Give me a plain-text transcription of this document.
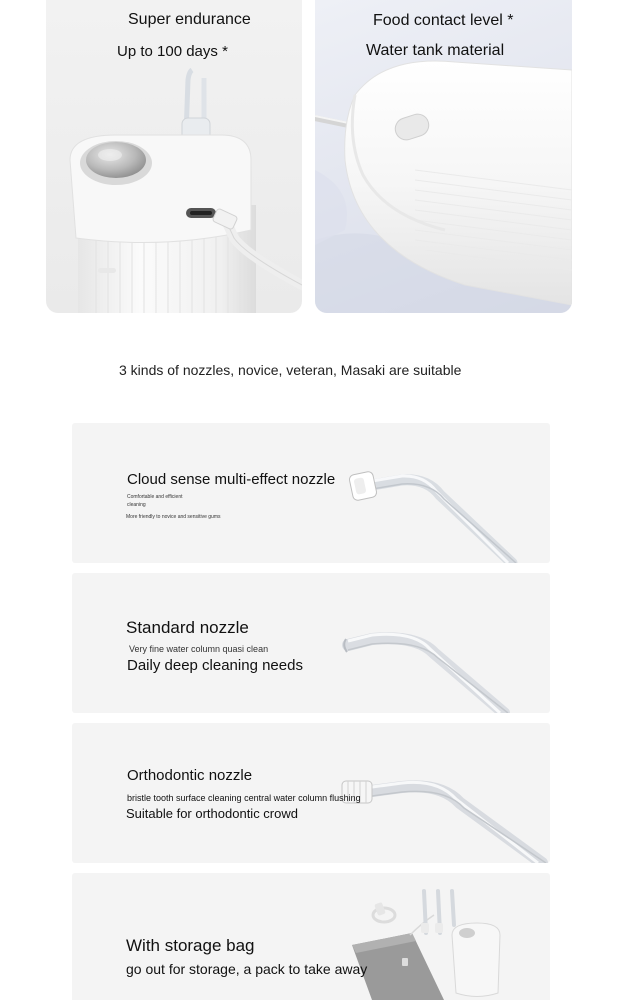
Super endurance
Up to 100 days *
Food contact level *
Water tank material
3 kinds of nozzles, novice, veteran, Masaki are suitable
Cloud sense multi-effect nozzle
Comfortable and efficient
cleaning
More friendly to novice and sensitive gums
Standard nozzle
Very fine water column quasi clean
Daily deep cleaning needs
Orthodontic nozzle
bristle tooth surface cleaning central water column flushing
Suitable for orthodontic crowd
With storage bag
go out for storage, a pack to take away
